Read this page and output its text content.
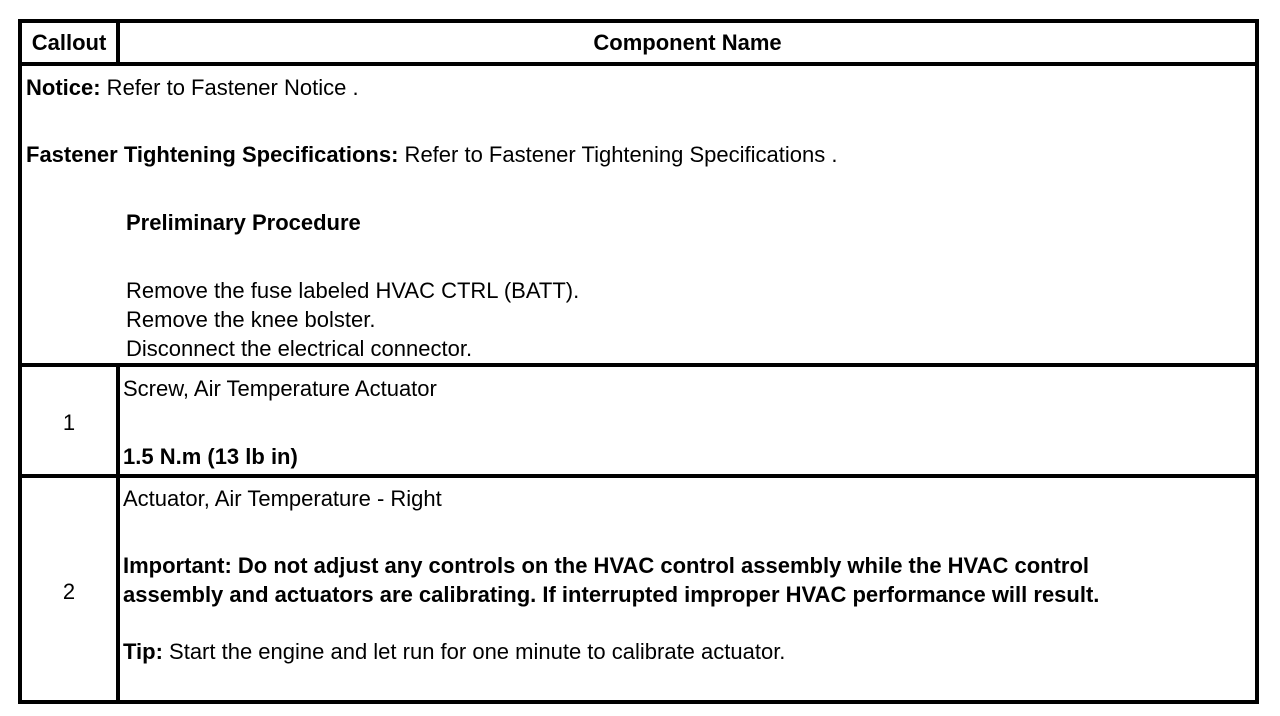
Callout	Component Name
Notice: Refer to Fastener Notice .
Fastener Tightening Specifications: Refer to Fastener Tightening Specifications .
Preliminary Procedure
Remove the fuse labeled HVAC CTRL (BATT).
Remove the knee bolster.
Disconnect the electrical connector.
1
Screw, Air Temperature Actuator
1.5 N.m (13 lb in)
2
Actuator, Air Temperature - Right
Important: Do not adjust any controls on the HVAC control assembly while the HVAC control
assembly and actuators are calibrating. If interrupted improper HVAC performance will result.
Tip: Start the engine and let run for one minute to calibrate actuator.
